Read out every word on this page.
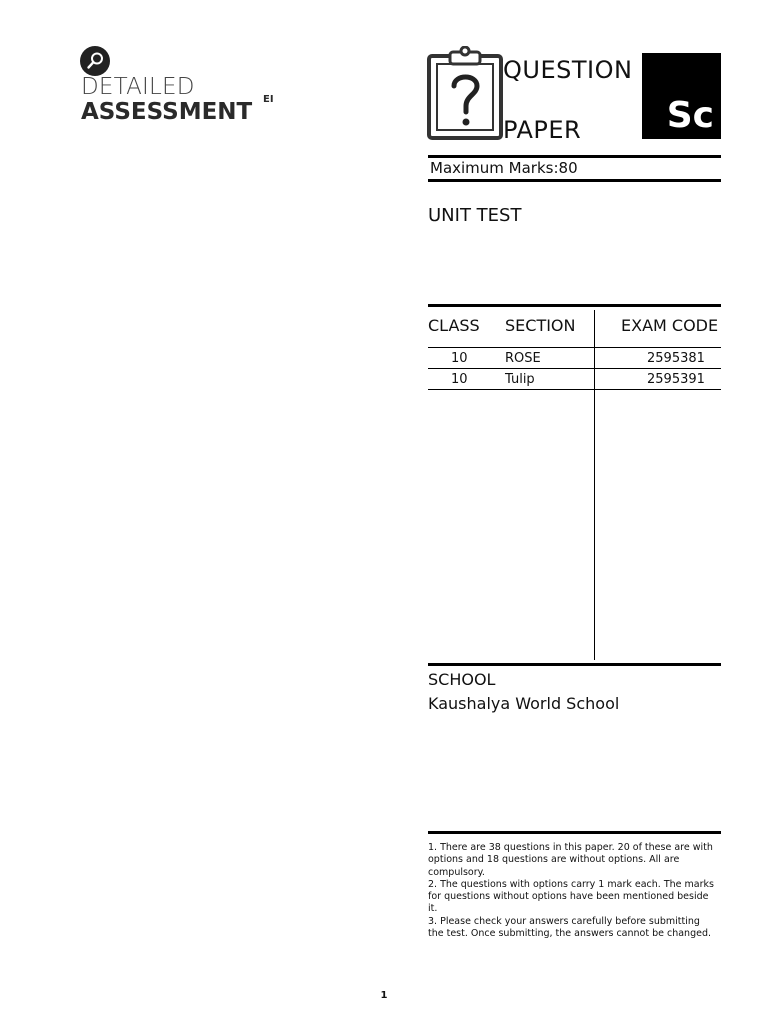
DETAILED
ASSESSMENT EI
QUESTION
PAPER Sc
Maximum Marks:80
UNIT TEST
CLASS SECTION	EXAM CODE
10	ROSE	2595381
10	Tulip	2595391
SCHOOL
Kaushalya World School
1. There are 38 questions in this paper. 20 of these are with options and 18 questions are without options. All are compulsory.
2. The questions with options carry 1 mark each. The marks for questions without options have been mentioned beside it.
3. Please check your answers carefully before submitting the test. Once submitting, the answers cannot be changed.
1
